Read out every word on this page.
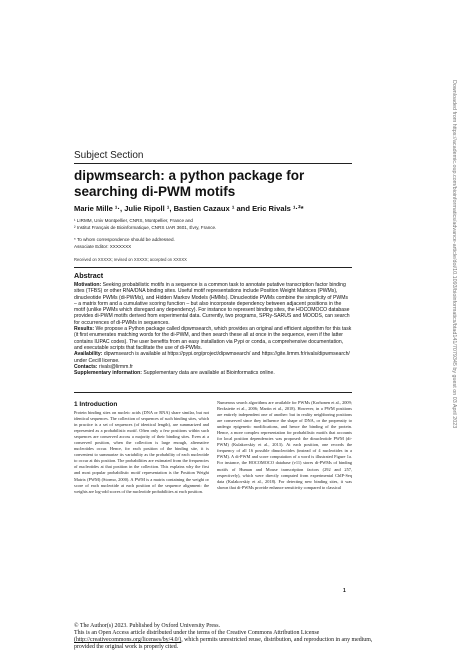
Subject Section
dipwmsearch: a python package for searching di-PWM motifs
Marie Mille ¹·, Julie Ripoll ¹, Bastien Cazaux ¹ and Eric Rivals ¹·²*
¹ LIRMM, Univ Montpellier, CNRS, Montpellier, France and
² Institut Français de Bioinformatique, CNRS UAR 3601, Évry, France.
* To whom correspondence should be addressed.
Associate Editor: XXXXXXX
Received on XXXXX; revised on XXXXX; accepted on XXXXX
Abstract

Motivation: Seeking probabilistic motifs in a sequence is a common task to annotate putative transcription factor binding sites (TFBS) or other RNA/DNA binding sites. Useful motif representations include Position Weight Matrices (PWMs), dinucleotide PWMs (di-PWMs), and Hidden Markov Models (HMMs). Dinucleotide PWMs combine the simplicity of PWMs – a matrix form and a cumulative scoring function – but also incorporate dependency between adjacent positions in the motif (unlike PWMs which disregard any dependency). For instance to represent binding sites, the HOCOMOCO database provides di-PWM motifs derived from experimental data. Currently, two programs, SPRy-SARUS and MOODS, can search for occurrences of di-PWMs in sequences.

Results: We propose a Python package called dipwmsearch, which provides an original and efficient algorithm for this task (it first enumerates matching words for the di-PWM, and then search these all at once in the sequence, even if the latter contains IUPAC codes). The user benefits from an easy installation via Pypi or conda, a comprehensive documentation, and executable scripts that facilitate the use of di-PWMs.

Availability: dipwmsearch is available at https://pypi.org/project/dipwmsearch/ and https://gite.lirmm.fr/rivals/dipwmsearch/ under Cecill license.

Contacts: rivals@lirmm.fr

Supplementary information: Supplementary data are available at Bioinformatics online.

1 Introduction
Protein binding sites on nucleic acids (DNA or RNA) share similar, but not identical sequences. The collection of sequences of such binding sites, which in practice is a set of sequences (of identical length), are summarized and represented as a probabilistic motif. Often only a few positions within such sequences are conserved across a majority of their binding sites. Even at a conserved position, when the collection is large enough, alternative nucleotides occur. Hence, for each position of the binding site, it is convenient to summarize its variability as the probability of each nucleotide to occur at this position. The probabilities are estimated from the frequencies of nucleotides at that position in the collection. This explains why the first and most popular probabilistic motif representation is the Position Weight Matrix (PWM) (Stormo, 2000). A PWM is a matrix containing the weight or score of each nucleotide at each position of the sequence alignment: the weights are log-odd scores of the nucleotide probabilities at each position.
Numerous search algorithms are available for PWMs (Korhonen et al., 2009; Beckstette et al., 2006; Martin et al., 2018). However, in a PWM positions are entirely independent one of another: but in reality neighboring positions are conserved since they influence the shape of DNA, or the propensity to undergo epigenetic modifications, and hence the binding of the protein. Hence, a more complex representation for probabilistic motifs that accounts for local position dependencies was proposed: the dinucleotide PWM (di-PWM) (Kulakovskiy et al., 2013). At each position, one records the frequency of all 16 possible dinucleotides (instead of 4 nucleotides in a PWM). A di-PWM and score computation of a word is illustrated Figure 1a. For instance, the HOCOMOCO database (v11) stores di-PWMs of binding motifs of Human and Mouse transcription factors (292 and 257, respectively), which were directly computed from experimental ChIP-Seq data (Kulakovskiy et al., 2018). For detecting new binding sites, it was shown that di-PWMs provide enhance sensitivity compared to classical
1
© The Author(s) 2023. Published by Oxford University Press.
This is an Open Access article distributed under the terms of the Creative Commons Attribution License
(http://creativecommons.org/licenses/by/4.0/), which permits unrestricted reuse, distribution, and reproduction in any medium,
provided the original work is properly cited.
Downloaded from https://academic.oup.com/bioinformatics/advance-article/doi/10.1093/bioinformatics/btad141/7079345 by guest on 03 April 2023
